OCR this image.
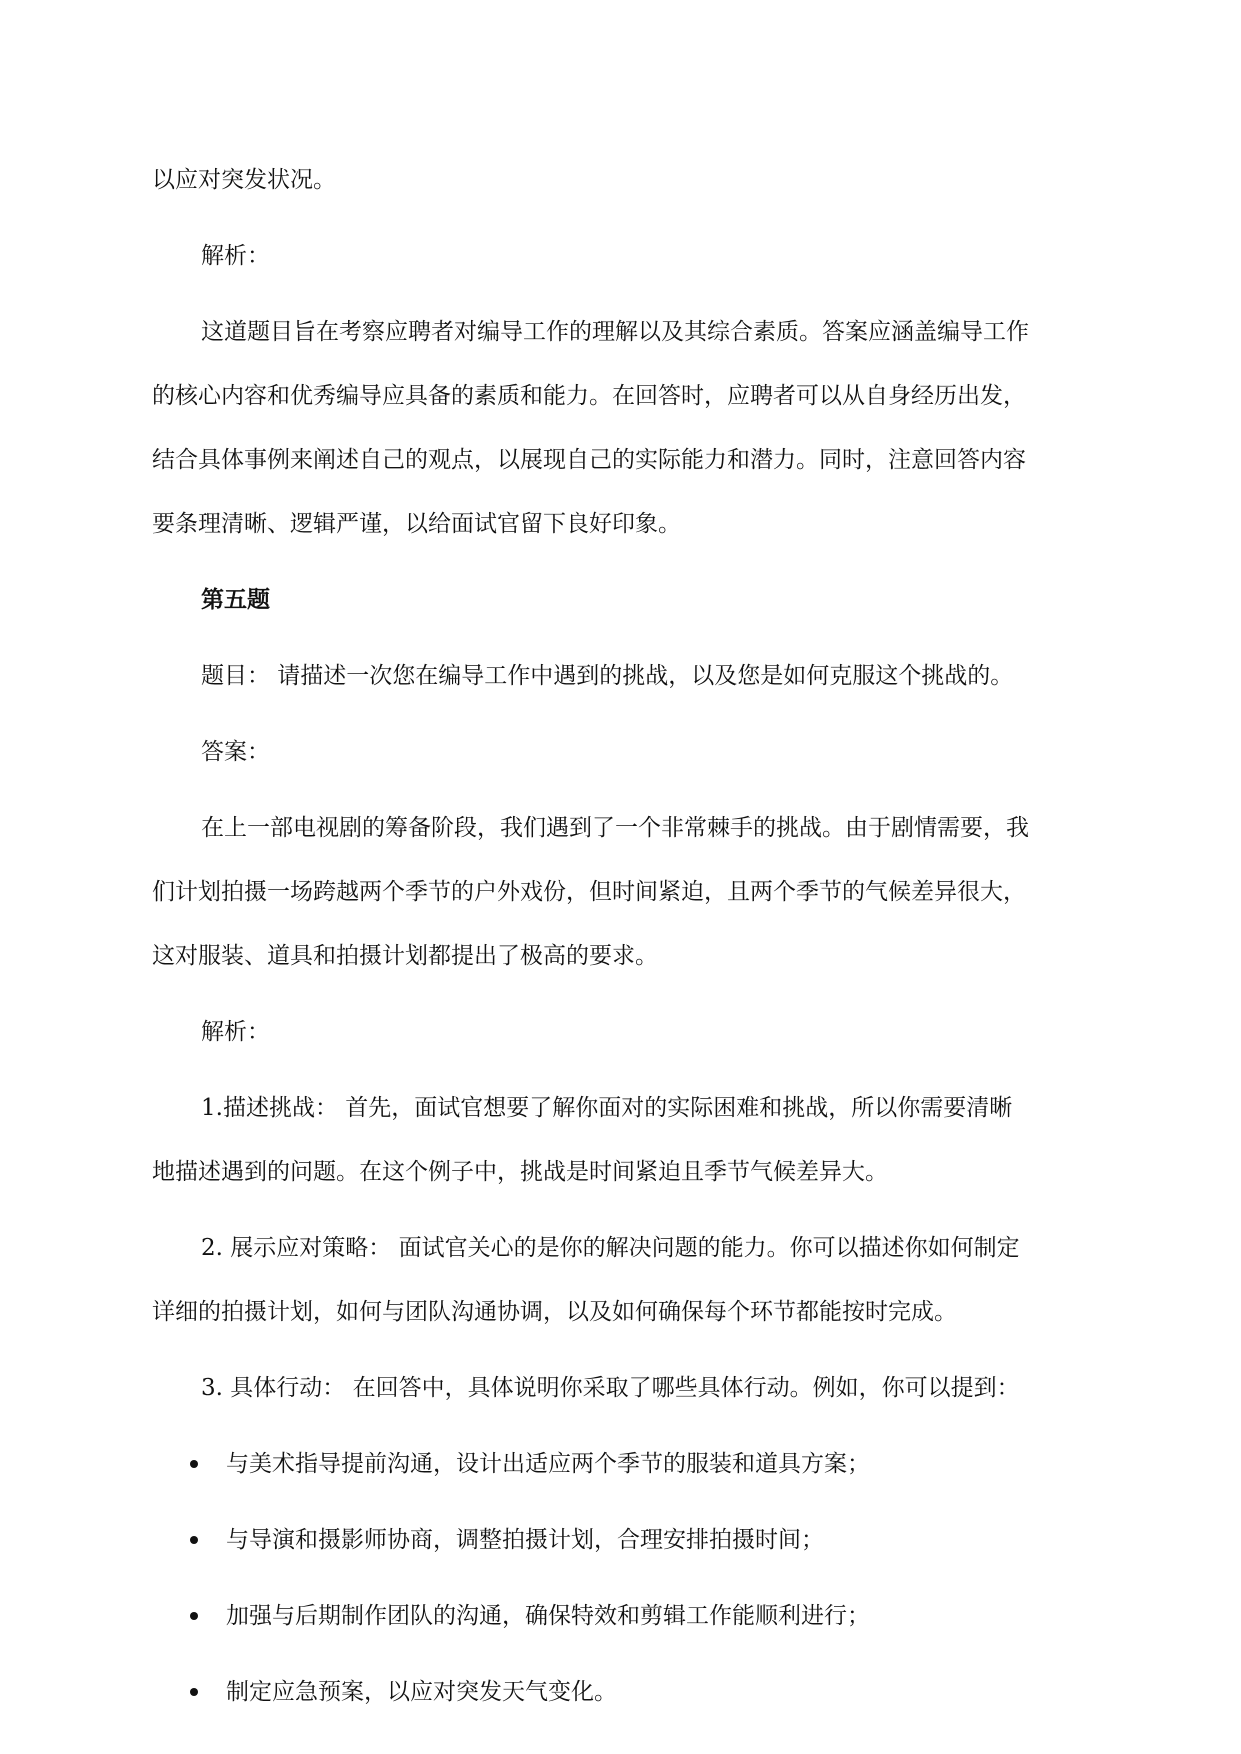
以应对突发状况。
解析：
这道题目旨在考察应聘者对编导工作的理解以及其综合素质。答案应涵盖编导工作
的核心内容和优秀编导应具备的素质和能力。在回答时，应聘者可以从自身经历出发，
结合具体事例来阐述自己的观点，以展现自己的实际能力和潜力。同时，注意回答内容
要条理清晰、逻辑严谨，以给面试官留下良好印象。
第五题
题目： 请描述一次您在编导工作中遇到的挑战，以及您是如何克服这个挑战的。
答案：
在上一部电视剧的筹备阶段，我们遇到了一个非常棘手的挑战。由于剧情需要，我
们计划拍摄一场跨越两个季节的户外戏份，但时间紧迫，且两个季节的气候差异很大，
这对服装、道具和拍摄计划都提出了极高的要求。
解析：
1.描述挑战： 首先，面试官想要了解你面对的实际困难和挑战，所以你需要清晰
地描述遇到的问题。在这个例子中，挑战是时间紧迫且季节气候差异大。
2. 展示应对策略： 面试官关心的是你的解决问题的能力。你可以描述你如何制定
详细的拍摄计划，如何与团队沟通协调，以及如何确保每个环节都能按时完成。
3. 具体行动： 在回答中，具体说明你采取了哪些具体行动。例如，你可以提到：
与美术指导提前沟通，设计出适应两个季节的服装和道具方案；
与导演和摄影师协商，调整拍摄计划，合理安排拍摄时间；
加强与后期制作团队的沟通，确保特效和剪辑工作能顺利进行；
制定应急预案，以应对突发天气变化。
